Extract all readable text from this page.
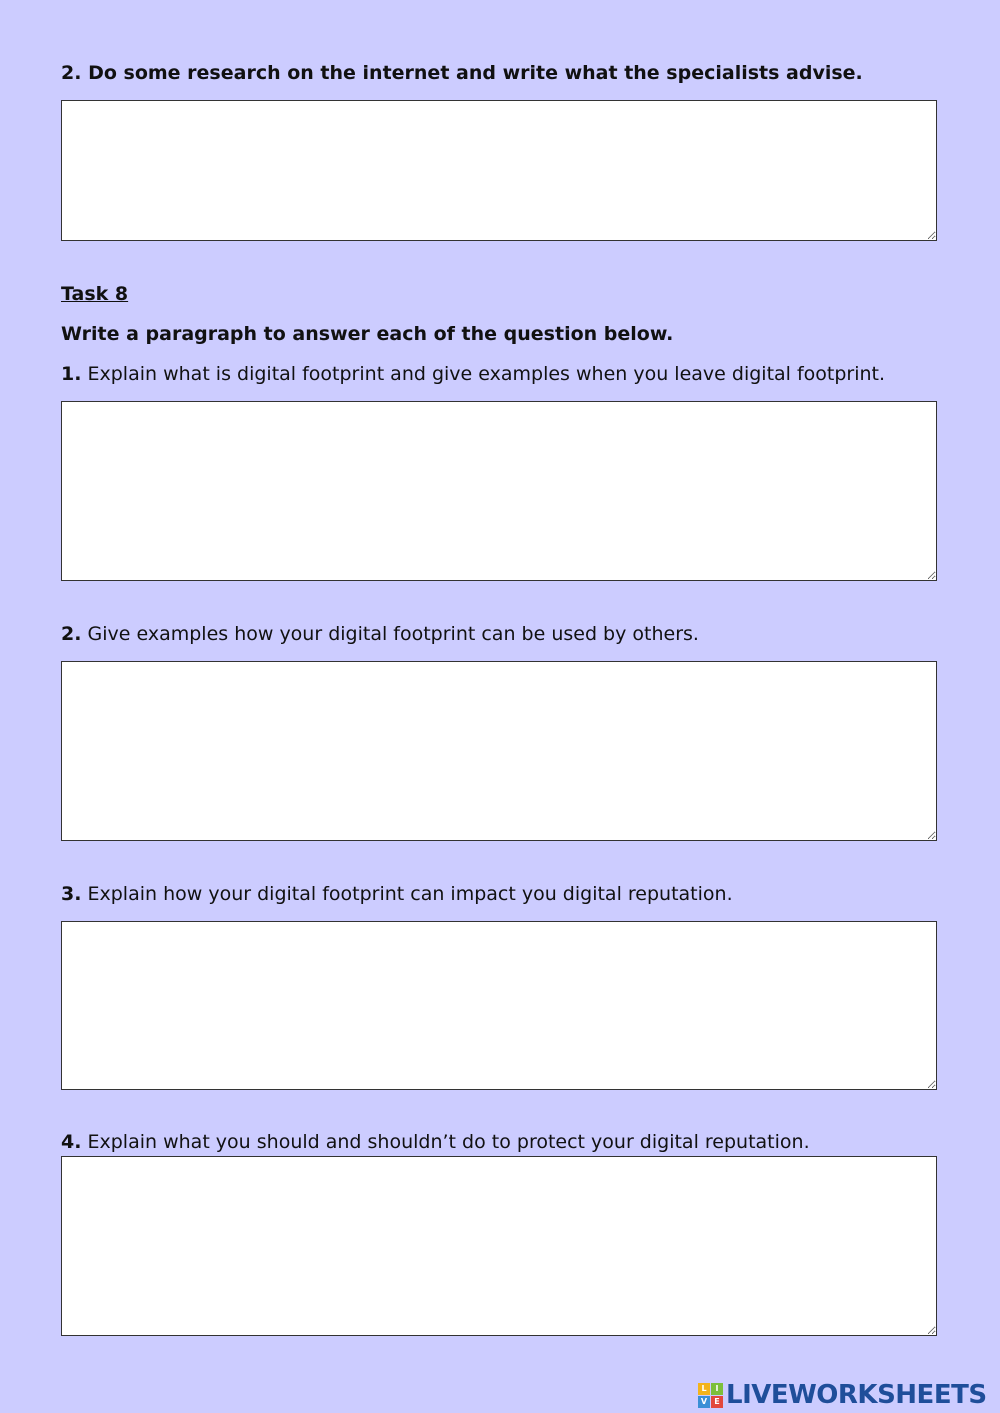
2. Do some research on the internet and write what the specialists advise.

Task 8

Write a paragraph to answer each of the question below.

1. Explain what is digital footprint and give examples when you leave digital footprint.

2. Give examples how your digital footprint can be used by others.

3. Explain how your digital footprint can impact you digital reputation.

4. Explain what you should and shouldn’t do to protect your digital reputation.

L	I
V E LIVEWORKSHEETS
